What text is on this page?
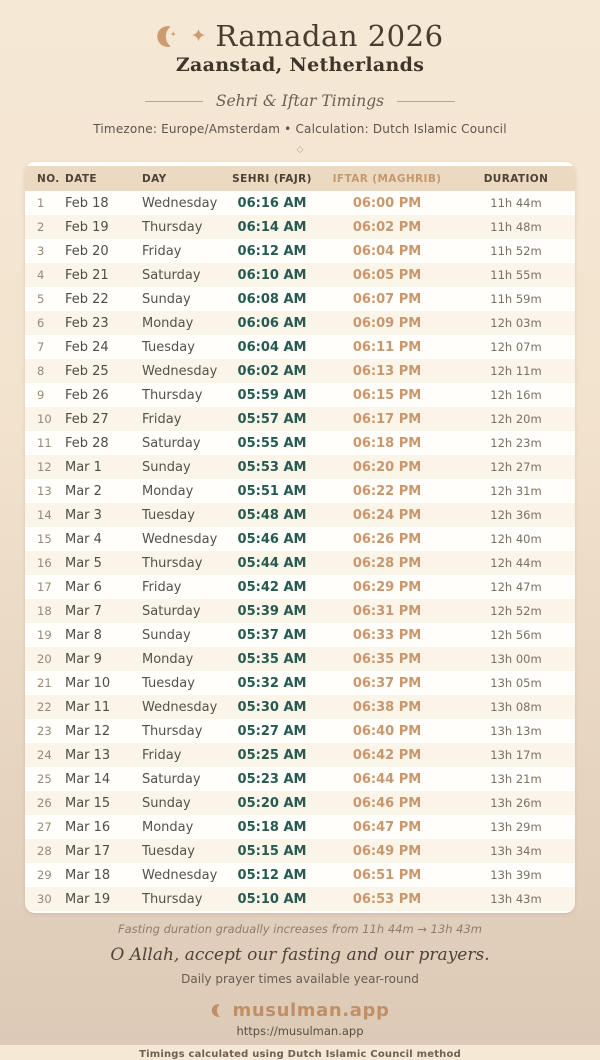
✦ Ramadan 2026
Zaanstad, Netherlands
Sehri & Iftar Timings
Timezone: Europe/Amsterdam • Calculation: Dutch Islamic Council
◇
NO. DATE	DAY	SEHRI (FAJR)	IFTAR (MAGHRIB)	DURATION
1	Feb 18	Wednesday	06:16 AM	06:00 PM	11h 44m
2	Feb 19	Thursday	06:14 AM	06:02 PM	11h 48m
3	Feb 20	Friday	06:12 AM	06:04 PM	11h 52m
4	Feb 21	Saturday	06:10 AM	06:05 PM	11h 55m
5	Feb 22	Sunday	06:08 AM	06:07 PM	11h 59m
6	Feb 23	Monday	06:06 AM	06:09 PM	12h 03m
7	Feb 24	Tuesday	06:04 AM	06:11 PM	12h 07m
8	Feb 25	Wednesday	06:02 AM	06:13 PM	12h 11m
9	Feb 26	Thursday	05:59 AM	06:15 PM	12h 16m
10	Feb 27	Friday	05:57 AM	06:17 PM	12h 20m
11	Feb 28	Saturday	05:55 AM	06:18 PM	12h 23m
12	Mar 1	Sunday	05:53 AM	06:20 PM	12h 27m
13	Mar 2	Monday	05:51 AM	06:22 PM	12h 31m
14	Mar 3	Tuesday	05:48 AM	06:24 PM	12h 36m
15	Mar 4	Wednesday	05:46 AM	06:26 PM	12h 40m
16	Mar 5	Thursday	05:44 AM	06:28 PM	12h 44m
17	Mar 6	Friday	05:42 AM	06:29 PM	12h 47m
18	Mar 7	Saturday	05:39 AM	06:31 PM	12h 52m
19	Mar 8	Sunday	05:37 AM	06:33 PM	12h 56m
20	Mar 9	Monday	05:35 AM	06:35 PM	13h 00m
21	Mar 10	Tuesday	05:32 AM	06:37 PM	13h 05m
22	Mar 11	Wednesday	05:30 AM	06:38 PM	13h 08m
23	Mar 12	Thursday	05:27 AM	06:40 PM	13h 13m
24	Mar 13	Friday	05:25 AM	06:42 PM	13h 17m
25	Mar 14	Saturday	05:23 AM	06:44 PM	13h 21m
26	Mar 15	Sunday	05:20 AM	06:46 PM	13h 26m
27	Mar 16	Monday	05:18 AM	06:47 PM	13h 29m
28	Mar 17	Tuesday	05:15 AM	06:49 PM	13h 34m
29	Mar 18	Wednesday	05:12 AM	06:51 PM	13h 39m
30	Mar 19	Thursday	05:10 AM	06:53 PM	13h 43m
Fasting duration gradually increases from 11h 44m → 13h 43m
O Allah, accept our fasting and our prayers.
Daily prayer times available year-round
musulman.app
https://musulman.app
Timings calculated using Dutch Islamic Council method
